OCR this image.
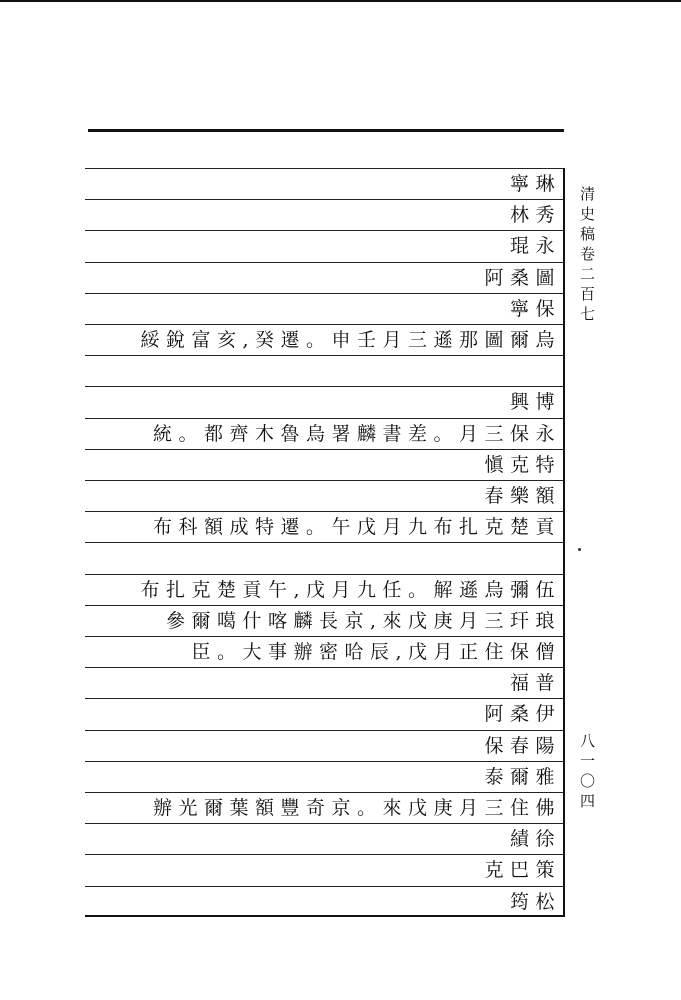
寧琳
林秀
琨永
阿桑圖
寧保
綏銳富亥,癸遷。申壬月三遜那圖爾烏
興博
統。都齊木魯烏署麟書差。月三保永
愼克特
春樂額
布科額成特遷。午戊月九布扎克楚貢
布扎克楚貢午,戊月九任。解遜烏彌伍
參爾噶什喀麟長京,來戊庚月三玕琅
臣。大事辦密哈辰,戊月正住保僧
福普
阿桑伊
保春陽
泰爾雅
辦光爾葉額豐奇京。來戊庚月三住佛
績徐
克巴策
筠松
清史稿卷二百七
八一〇四
